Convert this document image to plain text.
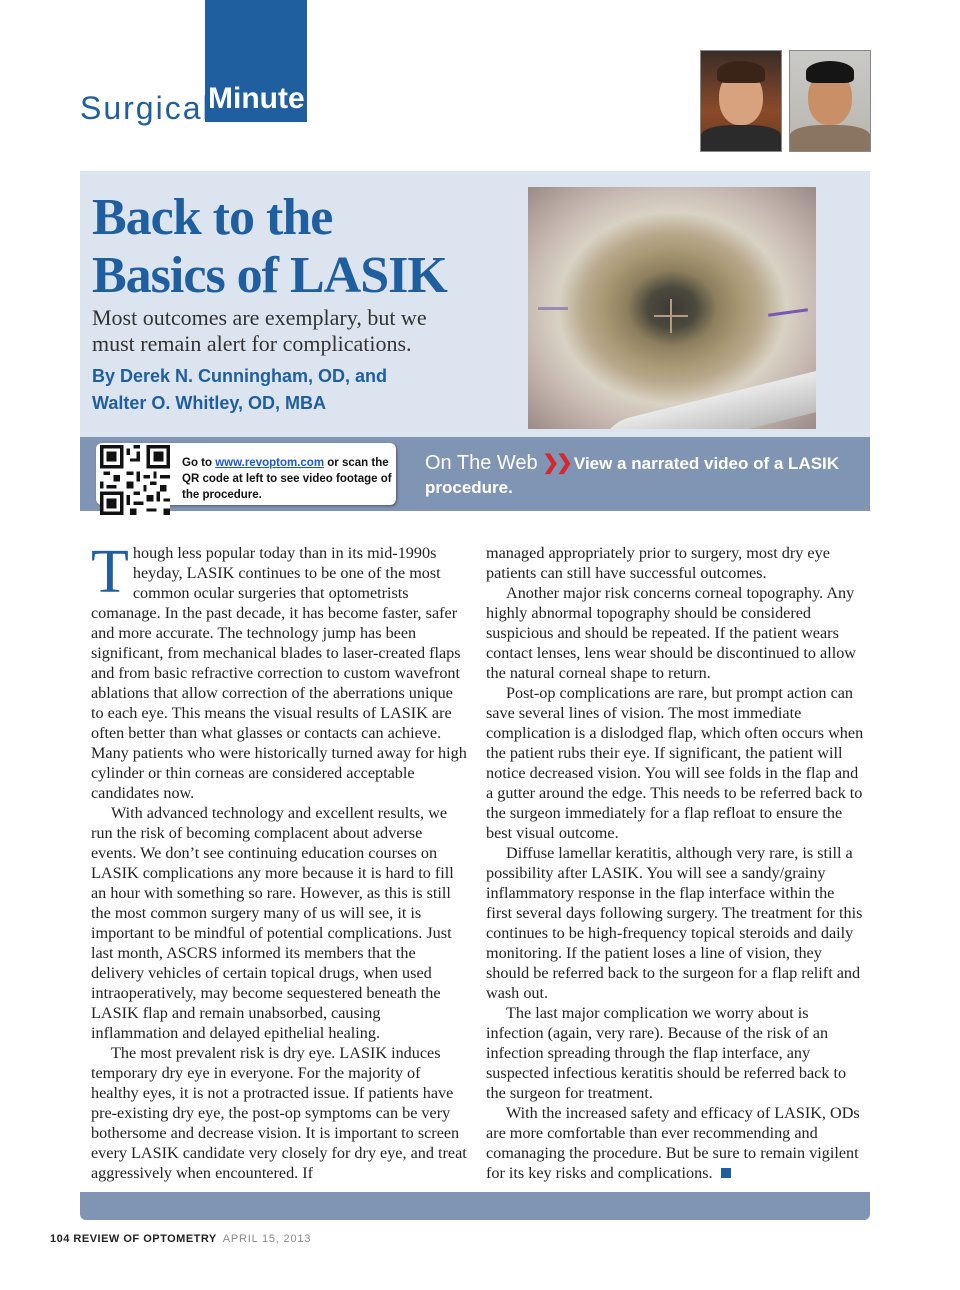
Surgical
Minute
Back to the
Basics of LASIK
Most outcomes are exemplary, but we must remain alert for complications.
By Derek N. Cunningham, OD, and
Walter O. Whitley, OD, MBA
Go to www.revoptom.com or scan the QR code at left to see video footage of the procedure.
On The Web ❯❯ View a narrated video of a LASIK procedure.

Though less popular today than in its mid-1990s heyday, LASIK continues to be one of the most common ocular surgeries that optometrists comanage. In the past decade, it has become faster, safer and more accurate. The technology jump has been significant, from mechanical blades to laser-created flaps and from basic refractive correction to custom wavefront ablations that allow correction of the aberrations unique to each eye. This means the visual results of LASIK are often better than what glasses or contacts can achieve. Many patients who were historically turned away for high cylinder or thin corneas are considered acceptable candidates now.

With advanced technology and excellent results, we run the risk of becoming complacent about adverse events. We don’t see continuing education courses on LASIK complications any more because it is hard to fill an hour with something so rare. However, as this is still the most common surgery many of us will see, it is important to be mindful of potential complications. Just last month, ASCRS informed its members that the delivery vehicles of certain topical drugs, when used intraoperatively, may become sequestered beneath the LASIK flap and remain unabsorbed, causing inflammation and delayed epithelial healing.

The most prevalent risk is dry eye. LASIK induces temporary dry eye in everyone. For the majority of healthy eyes, it is not a protracted issue. If patients have pre-existing dry eye, the post-op symptoms can be very bothersome and decrease vision. It is important to screen every LASIK candidate very closely for dry eye, and treat aggressively when encountered. If

managed appropriately prior to surgery, most dry eye patients can still have successful outcomes.

Another major risk concerns corneal topography. Any highly abnormal topography should be considered suspicious and should be repeated. If the patient wears contact lenses, lens wear should be discontinued to allow the natural corneal shape to return.

Post-op complications are rare, but prompt action can save several lines of vision. The most immediate complication is a dislodged flap, which often occurs when the patient rubs their eye. If significant, the patient will notice decreased vision. You will see folds in the flap and a gutter around the edge. This needs to be referred back to the surgeon immediately for a flap refloat to ensure the best visual outcome.

Diffuse lamellar keratitis, although very rare, is still a possibility after LASIK. You will see a sandy/grainy inflammatory response in the flap interface within the first several days following surgery. The treatment for this continues to be high-frequency topical steroids and daily monitoring. If the patient loses a line of vision, they should be referred back to the surgeon for a flap relift and wash out.

The last major complication we worry about is infection (again, very rare). Because of the risk of an infection spreading through the flap interface, any suspected infectious keratitis should be referred back to the surgeon for treatment.

With the increased safety and efficacy of LASIK, ODs are more comfortable than ever recommending and comanaging the procedure. But be sure to remain vigilent for its key risks and complications.

104 REVIEW OF OPTOMETRY APRIL 15, 2013
